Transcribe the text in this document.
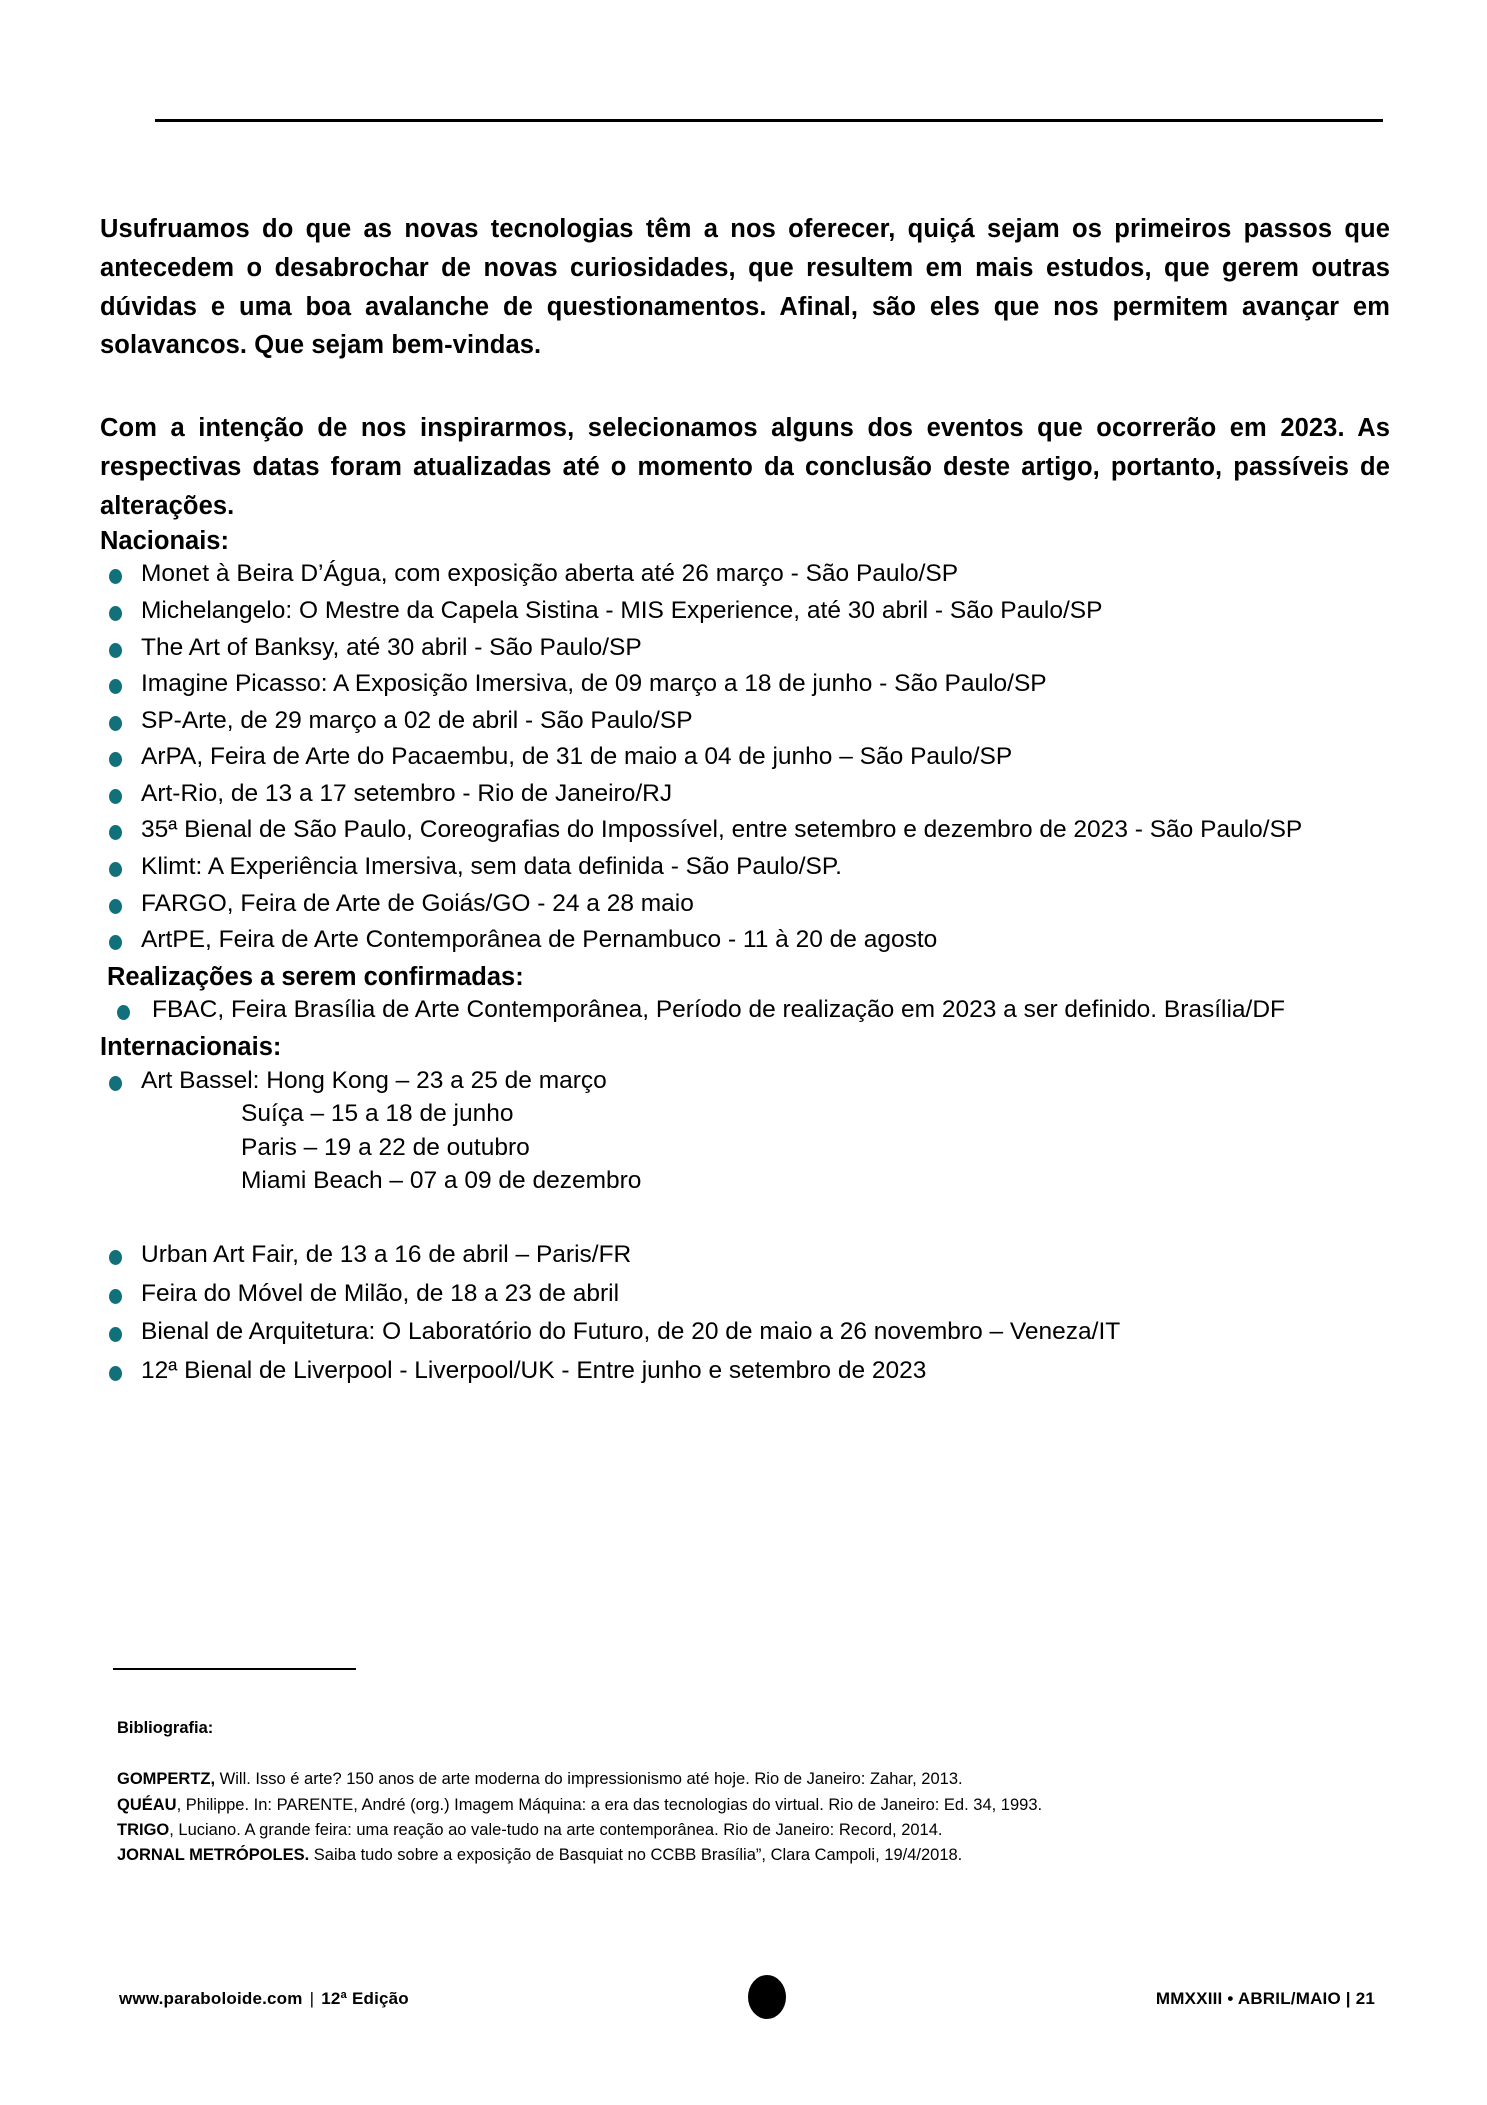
Usufruamos do que as novas tecnologias têm a nos oferecer, quiçá sejam os primeiros passos que antecedem o desabrochar de novas curiosidades, que resultem em mais estudos, que gerem outras dúvidas e uma boa avalanche de questionamentos. Afinal, são eles que nos permitem avançar em solavancos. Que sejam bem-vindas.

Com a intenção de nos inspirarmos, selecionamos alguns dos eventos que ocorrerão em 2023. As respectivas datas foram atualizadas até o momento da conclusão deste artigo, portanto, passíveis de alterações.

Nacionais:
Monet à Beira D’Água, com exposição aberta até 26 março - São Paulo/SP
Michelangelo: O Mestre da Capela Sistina - MIS Experience, até 30 abril - São Paulo/SP
The Art of Banksy, até 30 abril - São Paulo/SP
Imagine Picasso: A Exposição Imersiva, de 09 março a 18 de junho - São Paulo/SP
SP-Arte, de 29 março a 02 de abril - São Paulo/SP
ArPA, Feira de Arte do Pacaembu, de 31 de maio a 04 de junho – São Paulo/SP
Art-Rio, de 13 a 17 setembro - Rio de Janeiro/RJ
35ª Bienal de São Paulo, Coreografias do Impossível, entre setembro e dezembro de 2023 - São Paulo/SP
Klimt: A Experiência Imersiva, sem data definida - São Paulo/SP.
FARGO, Feira de Arte de Goiás/GO - 24 a 28 maio
ArtPE, Feira de Arte Contemporânea de Pernambuco - 11 à 20 de agosto
Realizações a serem confirmadas:
FBAC, Feira Brasília de Arte Contemporânea, Período de realização em 2023 a ser definido. Brasília/DF
Internacionais:
Art Bassel: Hong Kong – 23 a 25 de março
Suíça – 15 a 18 de junho
Paris – 19 a 22 de outubro
Miami Beach – 07 a 09 de dezembro
Urban Art Fair, de 13 a 16 de abril – Paris/FR
Feira do Móvel de Milão, de 18 a 23 de abril
Bienal de Arquitetura: O Laboratório do Futuro, de 20 de maio a 26 novembro – Veneza/IT
12ª Bienal de Liverpool - Liverpool/UK - Entre junho e setembro de 2023
Bibliografia:

GOMPERTZ, Will. Isso é arte? 150 anos de arte moderna do impressionismo até hoje. Rio de Janeiro: Zahar, 2013.

QUÉAU, Philippe. In: PARENTE, André (org.) Imagem Máquina: a era das tecnologias do virtual. Rio de Janeiro: Ed. 34, 1993.

TRIGO, Luciano. A grande feira: uma reação ao vale-tudo na arte contemporânea. Rio de Janeiro: Record, 2014.

JORNAL METRÓPOLES. Saiba tudo sobre a exposição de Basquiat no CCBB Brasília”, Clara Campoli, 19/4/2018.

www.paraboloide.com | 12ª Edição	MMXXIII • ABRIL/MAIO | 21
